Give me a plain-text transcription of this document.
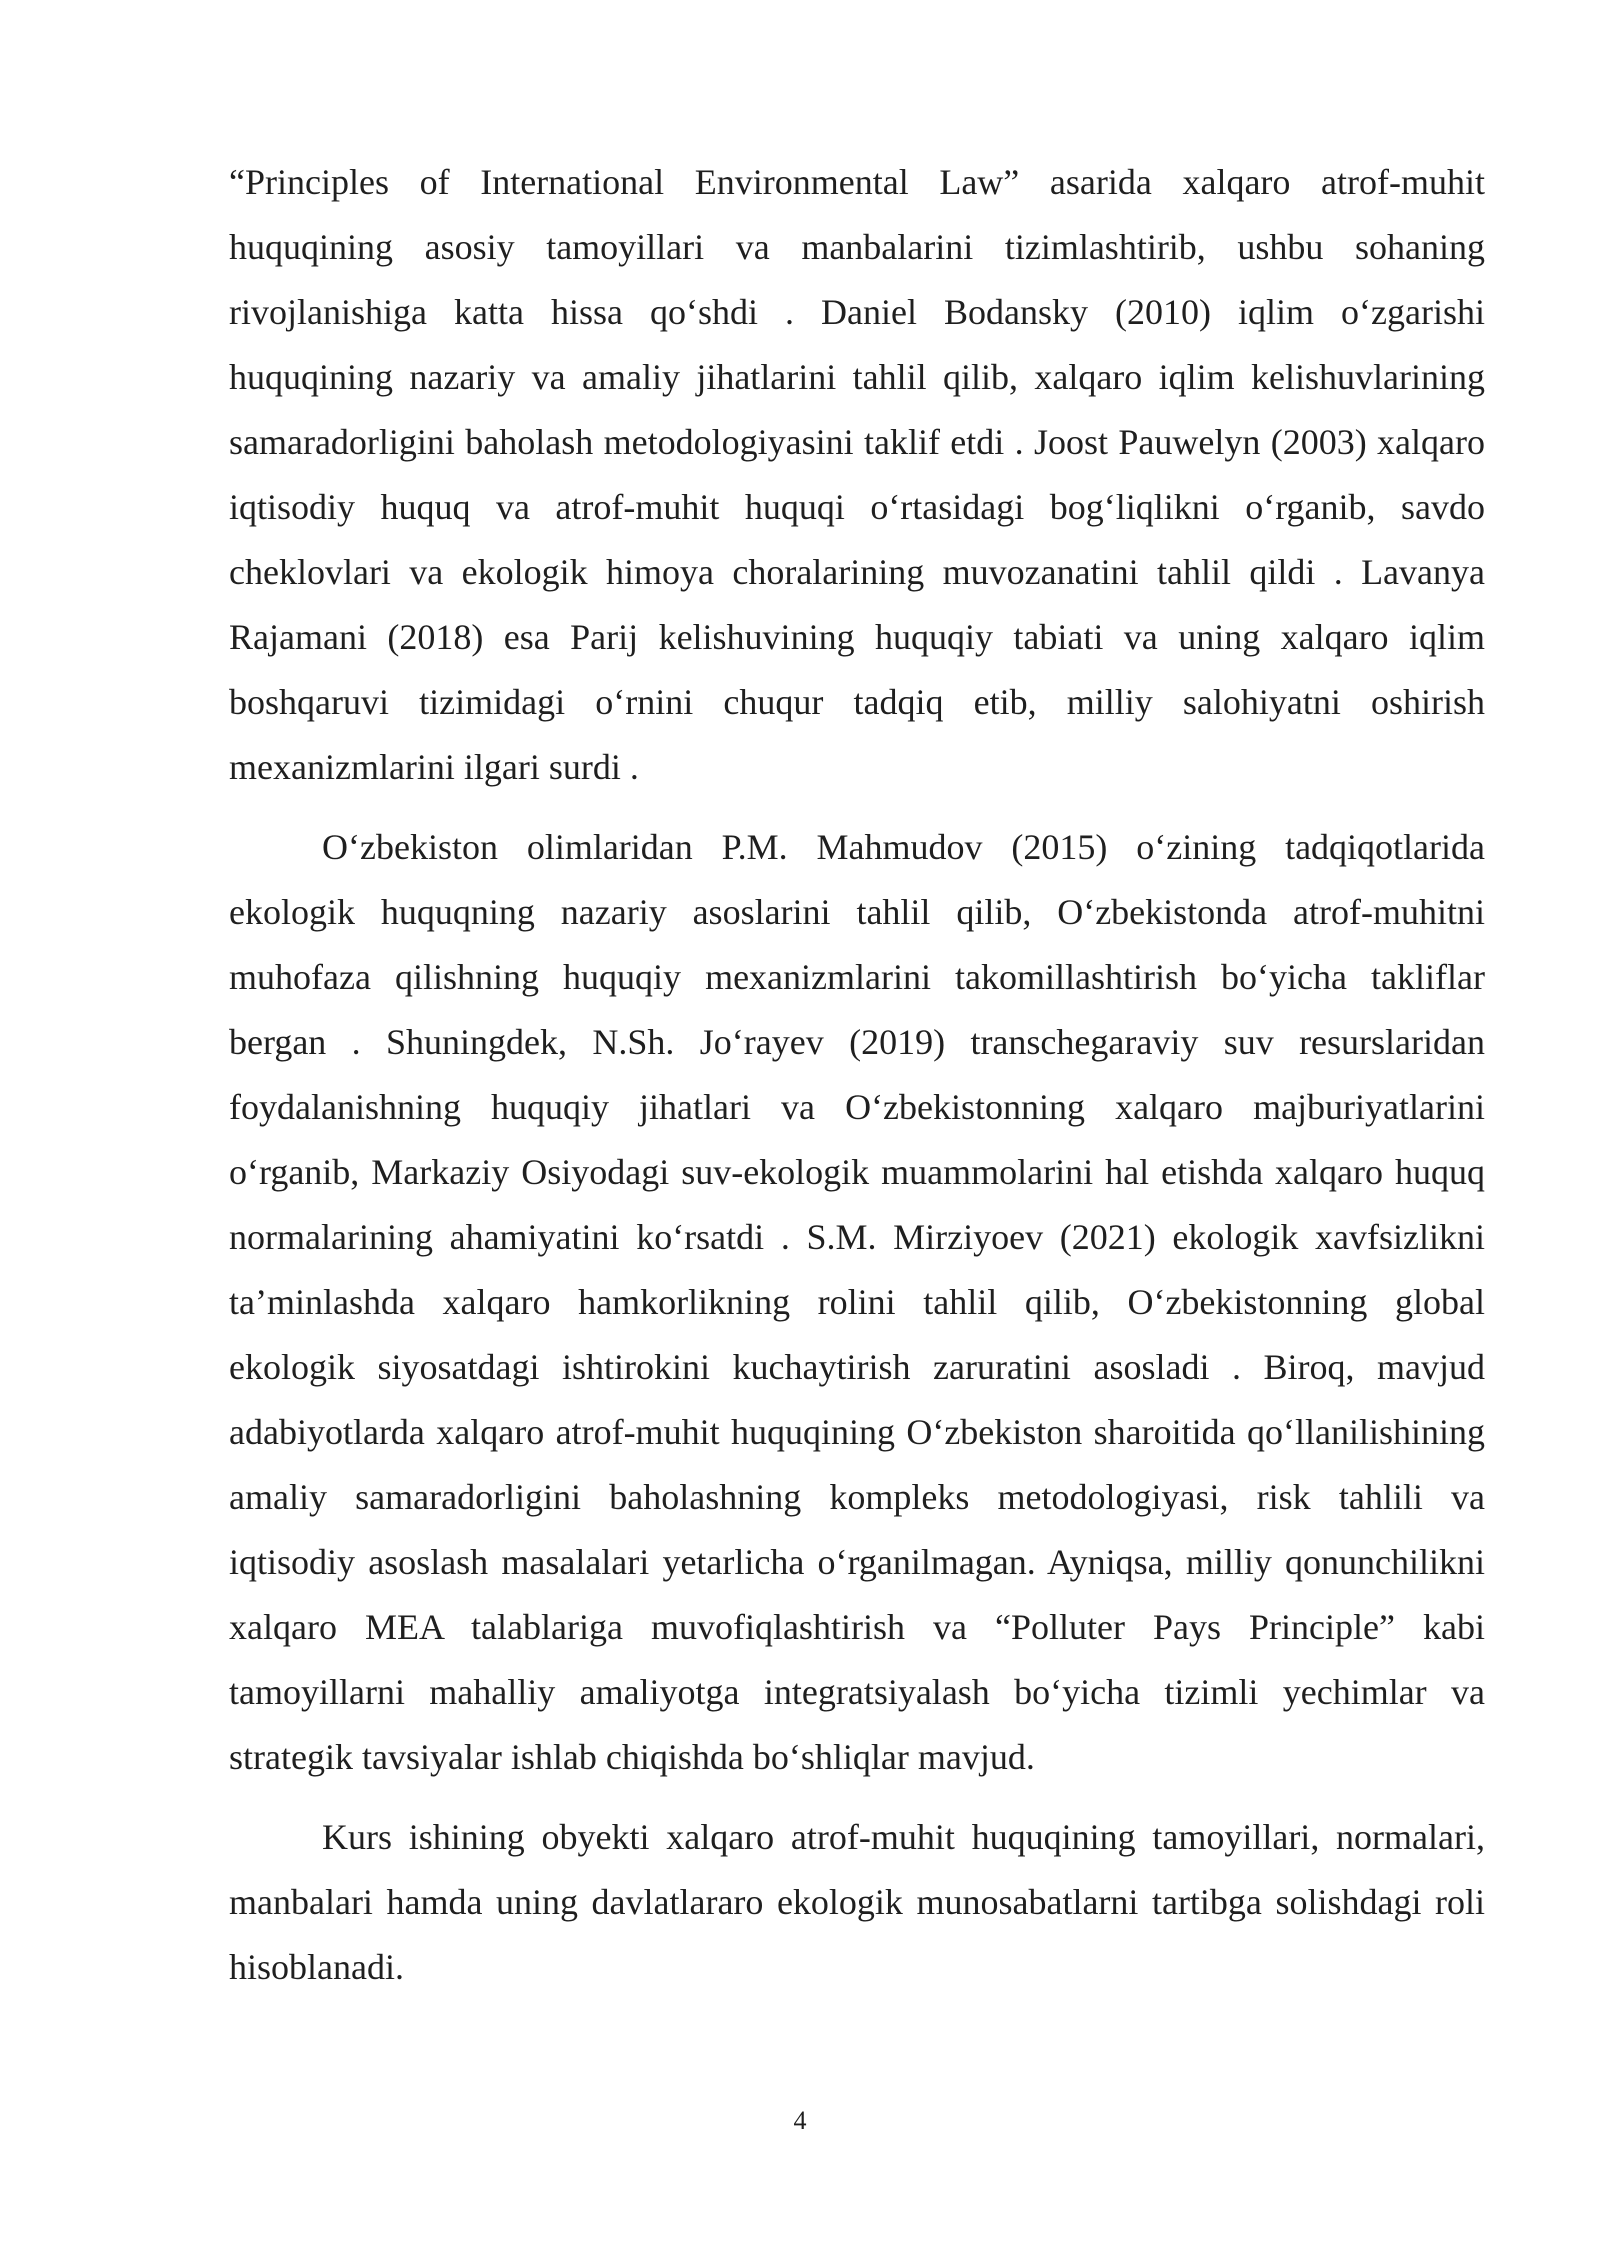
“Principles of International Environmental Law” asarida xalqaro atrof-muhit huquqining asosiy tamoyillari va manbalarini tizimlashtirib, ushbu sohaning rivojlanishiga katta hissa qo‘shdi . Daniel Bodansky (2010) iqlim o‘zgarishi huquqining nazariy va amaliy jihatlarini tahlil qilib, xalqaro iqlim kelishuvlarining samaradorligini baholash metodologiyasini taklif etdi . Joost Pauwelyn (2003) xalqaro iqtisodiy huquq va atrof-muhit huquqi o‘rtasidagi bog‘liqlikni o‘rganib, savdo cheklovlari va ekologik himoya choralarining muvozanatini tahlil qildi . Lavanya Rajamani (2018) esa Parij kelishuvining huquqiy tabiati va uning xalqaro iqlim boshqaruvi tizimidagi o‘rnini chuqur tadqiq etib, milliy salohiyatni oshirish mexanizmlarini ilgari surdi .

O‘zbekiston olimlaridan P.M. Mahmudov (2015) o‘zining tadqiqotlarida ekologik huquqning nazariy asoslarini tahlil qilib, O‘zbekistonda atrof-muhitni muhofaza qilishning huquqiy mexanizmlarini takomillashtirish bo‘yicha takliflar bergan . Shuningdek, N.Sh. Jo‘rayev (2019) transchegaraviy suv resurslaridan foydalanishning huquqiy jihatlari va O‘zbekistonning xalqaro majburiyatlarini o‘rganib, Markaziy Osiyodagi suv-ekologik muammolarini hal etishda xalqaro huquq normalarining ahamiyatini ko‘rsatdi . S.M. Mirziyoev (2021) ekologik xavfsizlikni ta’minlashda xalqaro hamkorlikning rolini tahlil qilib, O‘zbekistonning global ekologik siyosatdagi ishtirokini kuchaytirish zaruratini asosladi . Biroq, mavjud adabiyotlarda xalqaro atrof-muhit huquqining O‘zbekiston sharoitida qo‘llanilishining amaliy samaradorligini baholashning kompleks metodologiyasi, risk tahlili va iqtisodiy asoslash masalalari yetarlicha o‘rganilmagan. Ayniqsa, milliy qonunchilikni xalqaro MEA talablariga muvofiqlashtirish va “Polluter Pays Principle” kabi tamoyillarni mahalliy amaliyotga integratsiyalash bo‘yicha tizimli yechimlar va strategik tavsiyalar ishlab chiqishda bo‘shliqlar mavjud.

Kurs ishining obyekti xalqaro atrof-muhit huquqining tamoyillari, normalari, manbalari hamda uning davlatlararo ekologik munosabatlarni tartibga solishdagi roli hisoblanadi.

4
